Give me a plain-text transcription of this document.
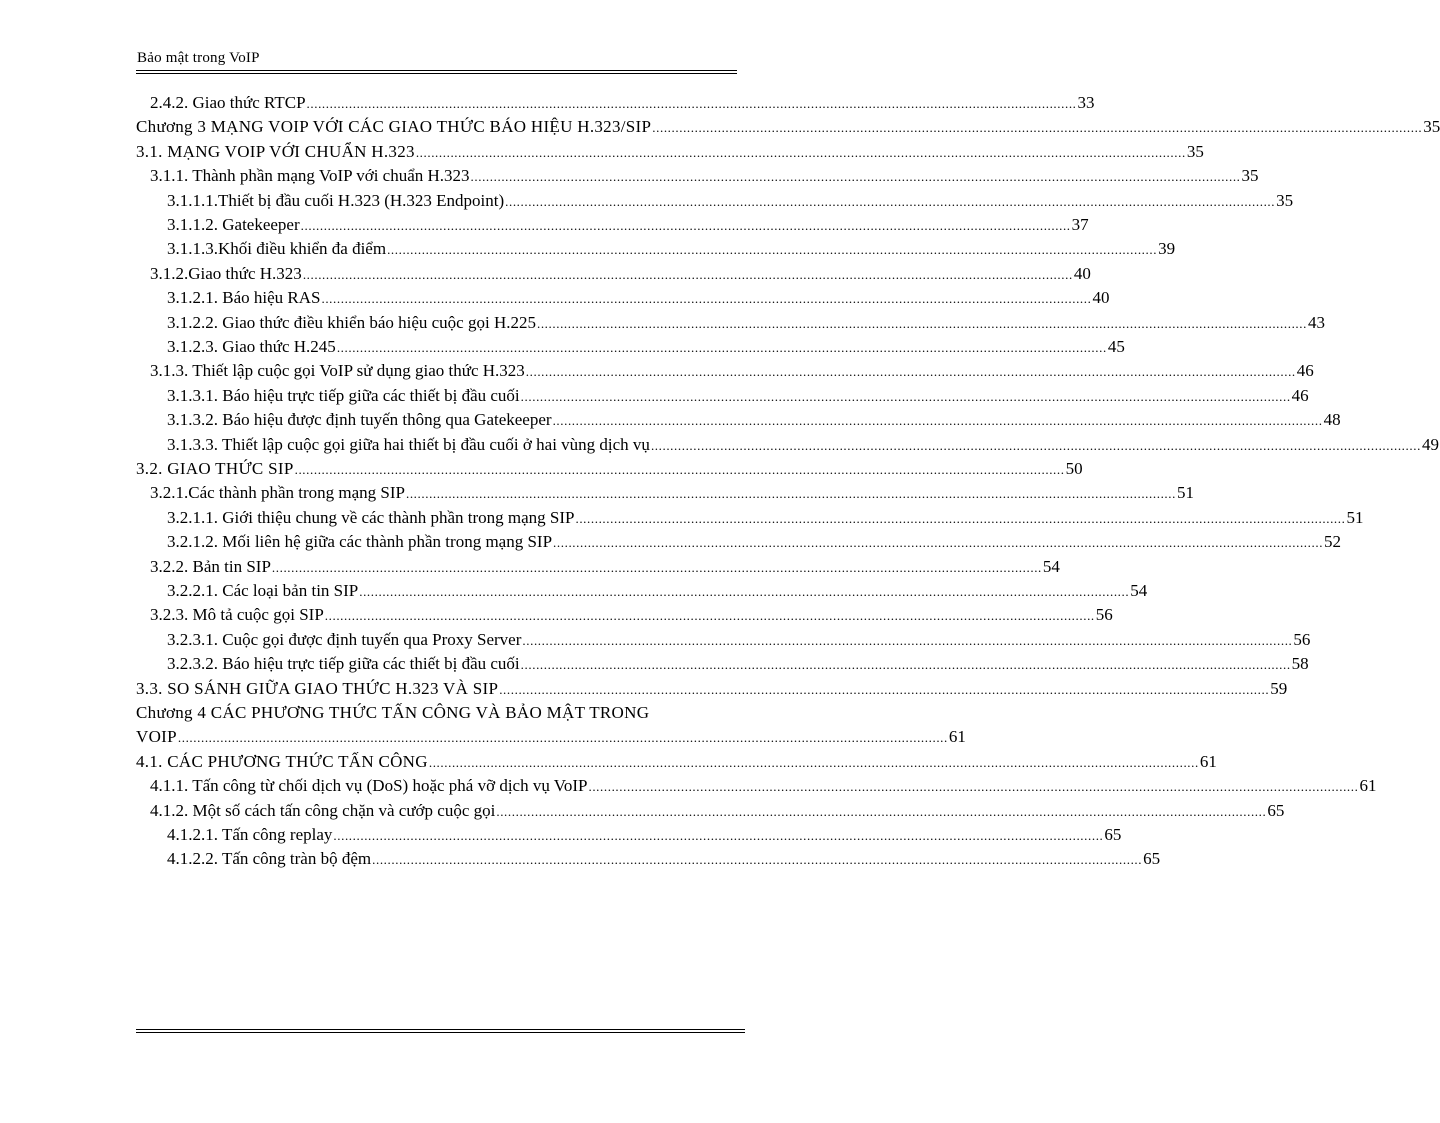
Bảo mật trong VoIP
2.4.2. Giao thức RTCP ........................................................................................................................................................................................................ 33
Chương 3 MẠNG VOIP VỚI CÁC GIAO THỨC BÁO HIỆU H.323/SIP ........................................................................................................................................................................................................ 35
3.1. MẠNG VOIP VỚI CHUẨN H.323 ........................................................................................................................................................................................................ 35
3.1.1. Thành phần mạng VoIP với chuẩn H.323 ........................................................................................................................................................................................................ 35
3.1.1.1.Thiết bị đầu cuối H.323 (H.323 Endpoint) ........................................................................................................................................................................................................ 35
3.1.1.2. Gatekeeper ........................................................................................................................................................................................................ 37
3.1.1.3.Khối điều khiển đa điểm ........................................................................................................................................................................................................ 39
3.1.2.Giao thức H.323 ........................................................................................................................................................................................................ 40
3.1.2.1. Báo hiệu RAS ........................................................................................................................................................................................................ 40
3.1.2.2. Giao thức điều khiển báo hiệu cuộc gọi H.225 ........................................................................................................................................................................................................ 43
3.1.2.3. Giao thức H.245 ........................................................................................................................................................................................................ 45
3.1.3. Thiết lập cuộc gọi VoIP sử dụng giao thức H.323 ........................................................................................................................................................................................................ 46
3.1.3.1. Báo hiệu trực tiếp giữa các thiết bị đầu cuối ........................................................................................................................................................................................................ 46
3.1.3.2. Báo hiệu được định tuyến thông qua Gatekeeper ........................................................................................................................................................................................................ 48
3.1.3.3. Thiết lập cuộc gọi giữa hai thiết bị đầu cuối ở hai vùng dịch vụ ........................................................................................................................................................................................................ 49
3.2. GIAO THỨC SIP ........................................................................................................................................................................................................ 50
3.2.1.Các thành phần trong mạng SIP ........................................................................................................................................................................................................ 51
3.2.1.1. Giới thiệu chung về các thành phần trong mạng SIP ........................................................................................................................................................................................................ 51
3.2.1.2. Mối liên hệ giữa các thành phần trong mạng SIP ........................................................................................................................................................................................................ 52
3.2.2. Bản tin SIP ........................................................................................................................................................................................................ 54
3.2.2.1. Các loại bản tin SIP ........................................................................................................................................................................................................ 54
3.2.3. Mô tả cuộc gọi SIP ........................................................................................................................................................................................................ 56
3.2.3.1. Cuộc gọi được định tuyến qua Proxy Server ........................................................................................................................................................................................................ 56
3.2.3.2. Báo hiệu trực tiếp giữa các thiết bị đầu cuối ........................................................................................................................................................................................................ 58
3.3. SO SÁNH GIỮA GIAO THỨC H.323 VÀ SIP ........................................................................................................................................................................................................ 59
Chương 4 CÁC PHƯƠNG THỨC TẤN CÔNG VÀ BẢO MẬT TRONG
VOIP ........................................................................................................................................................................................................ 61
4.1. CÁC PHƯƠNG THỨC TẤN CÔNG ........................................................................................................................................................................................................ 61
4.1.1. Tấn công từ chối dịch vụ (DoS) hoặc phá vỡ dịch vụ VoIP ........................................................................................................................................................................................................ 61
4.1.2. Một số cách tấn công chặn và cướp cuộc gọi ........................................................................................................................................................................................................ 65
4.1.2.1. Tấn công replay ........................................................................................................................................................................................................ 65
4.1.2.2. Tấn công tràn bộ đệm ........................................................................................................................................................................................................ 65
